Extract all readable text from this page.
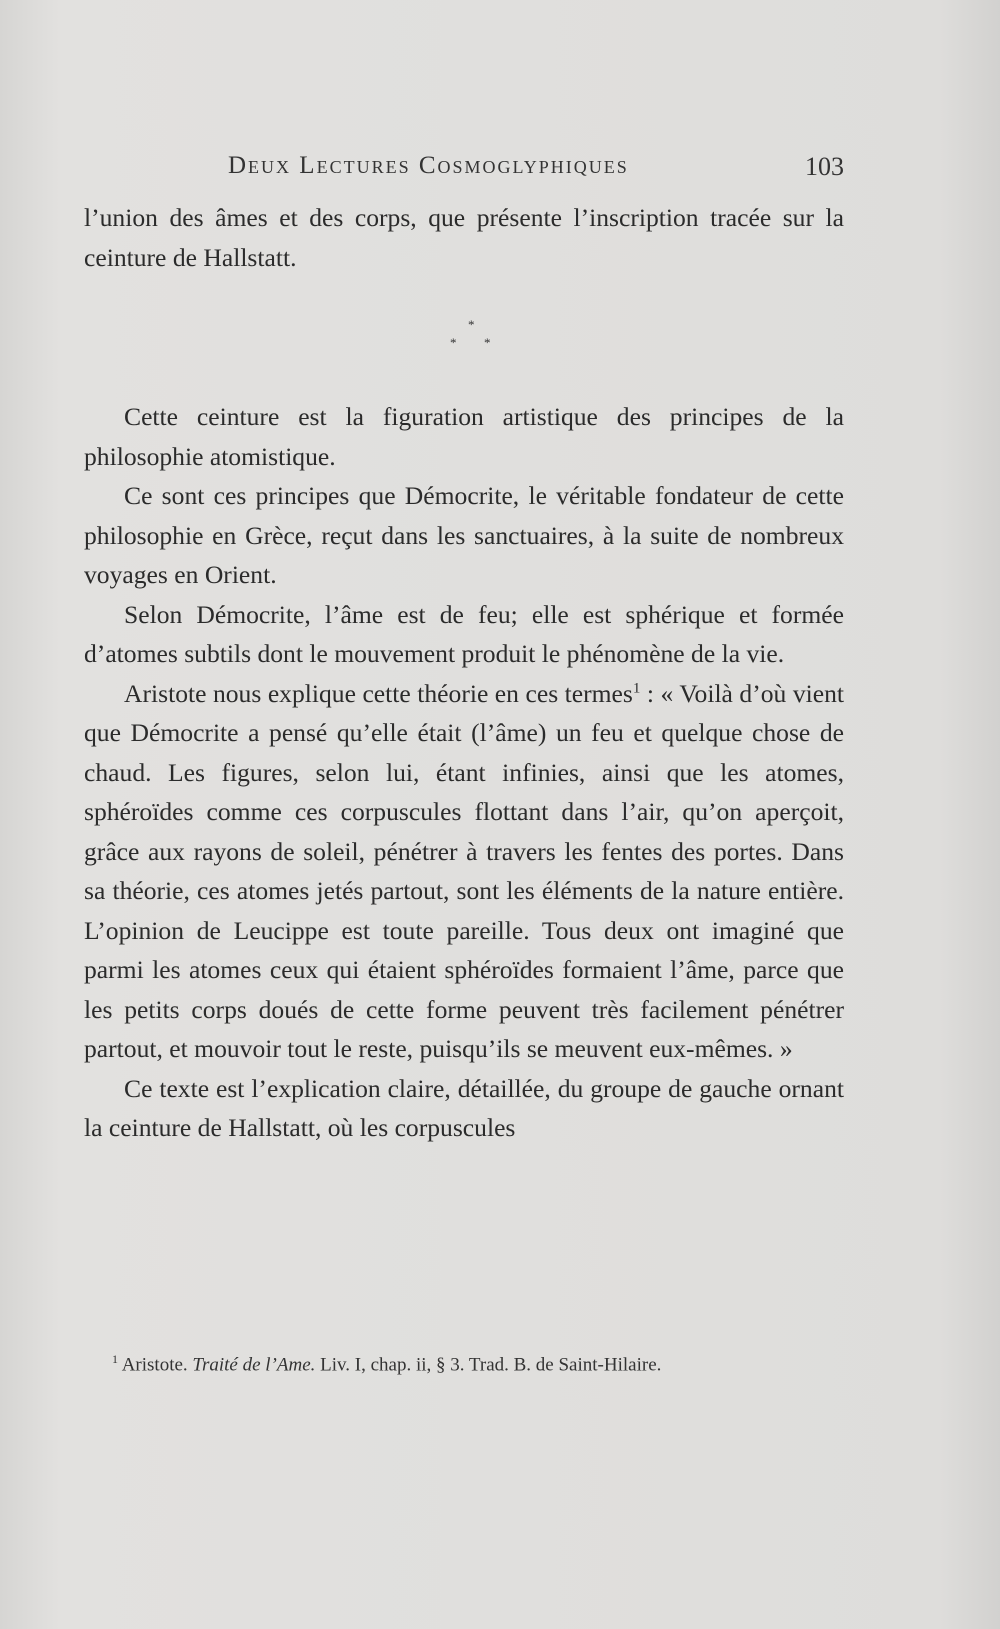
Deux Lectures Cosmoglyphiques	103

l’union des âmes et des corps, que présente l’inscription tracée sur la ceinture de Hallstatt.

*
* *

Cette ceinture est la figuration artistique des principes de la philosophie atomistique.

Ce sont ces principes que Démocrite, le véritable fondateur de cette philosophie en Grèce, reçut dans les sanctuaires, à la suite de nombreux voyages en Orient.

Selon Démocrite, l’âme est de feu; elle est sphérique et formée d’atomes subtils dont le mouvement produit le phénomène de la vie.

Aristote nous explique cette théorie en ces termes$^1$ : « Voilà d’où vient que Démocrite a pensé qu’elle était (l’âme) un feu et quelque chose de chaud. Les figures, selon lui, étant infinies, ainsi que les atomes, sphéroïdes comme ces corpuscules flottant dans l’air, qu’on aperçoit, grâce aux rayons de soleil, pénétrer à travers les fentes des portes. Dans sa théorie, ces atomes jetés partout, sont les éléments de la nature entière. L’opinion de Leucippe est toute pareille. Tous deux ont imaginé que parmi les atomes ceux qui étaient sphéroïdes formaient l’âme, parce que les petits corps doués de cette forme peuvent très facilement pénétrer partout, et mouvoir tout le reste, puisqu’ils se meuvent eux-mêmes. »

Ce texte est l’explication claire, détaillée, du groupe de gauche ornant la ceinture de Hallstatt, où les corpuscules

$^1$ Aristote. Traité de l’Ame. Liv. I, chap. ii, § 3. Trad. B. de Saint-Hilaire.
